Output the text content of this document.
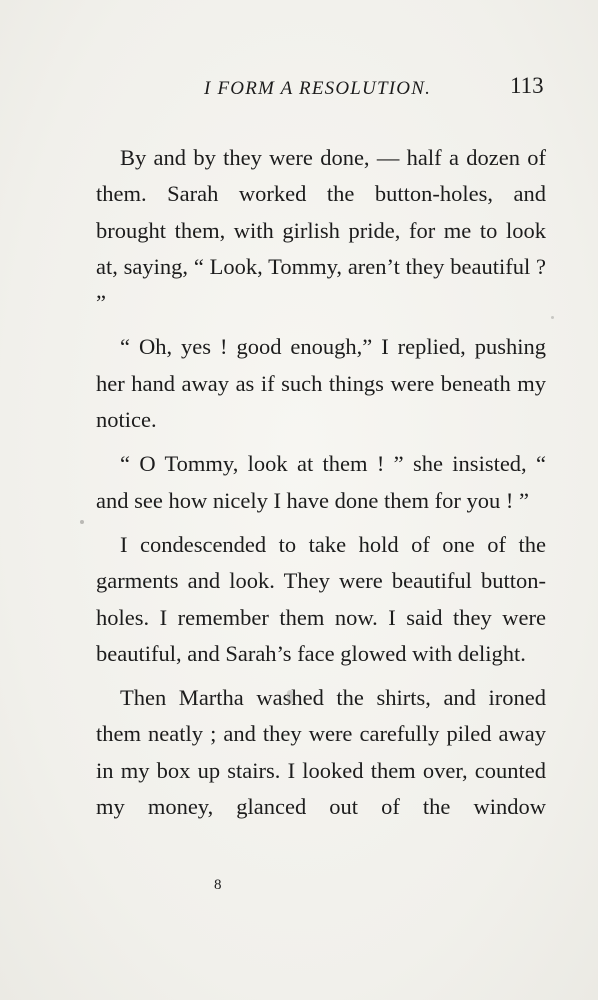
I FORM A RESOLUTION.	113

By and by they were done, — half a dozen of them. Sarah worked the button-holes, and brought them, with girlish pride, for me to look at, saying, “ Look, Tommy, aren’t they beautiful ? ”

“ Oh, yes ! good enough,” I replied, pushing her hand away as if such things were beneath my notice.

“ O Tommy, look at them ! ” she insisted, “ and see how nicely I have done them for you ! ”

I condescended to take hold of one of the garments and look. They were beautiful button-holes. I remember them now. I said they were beautiful, and Sarah’s face glowed with delight.

Then Martha washed the shirts, and ironed them neatly ; and they were carefully piled away in my box up stairs. I looked them over, counted my money, glanced out of the window

8
